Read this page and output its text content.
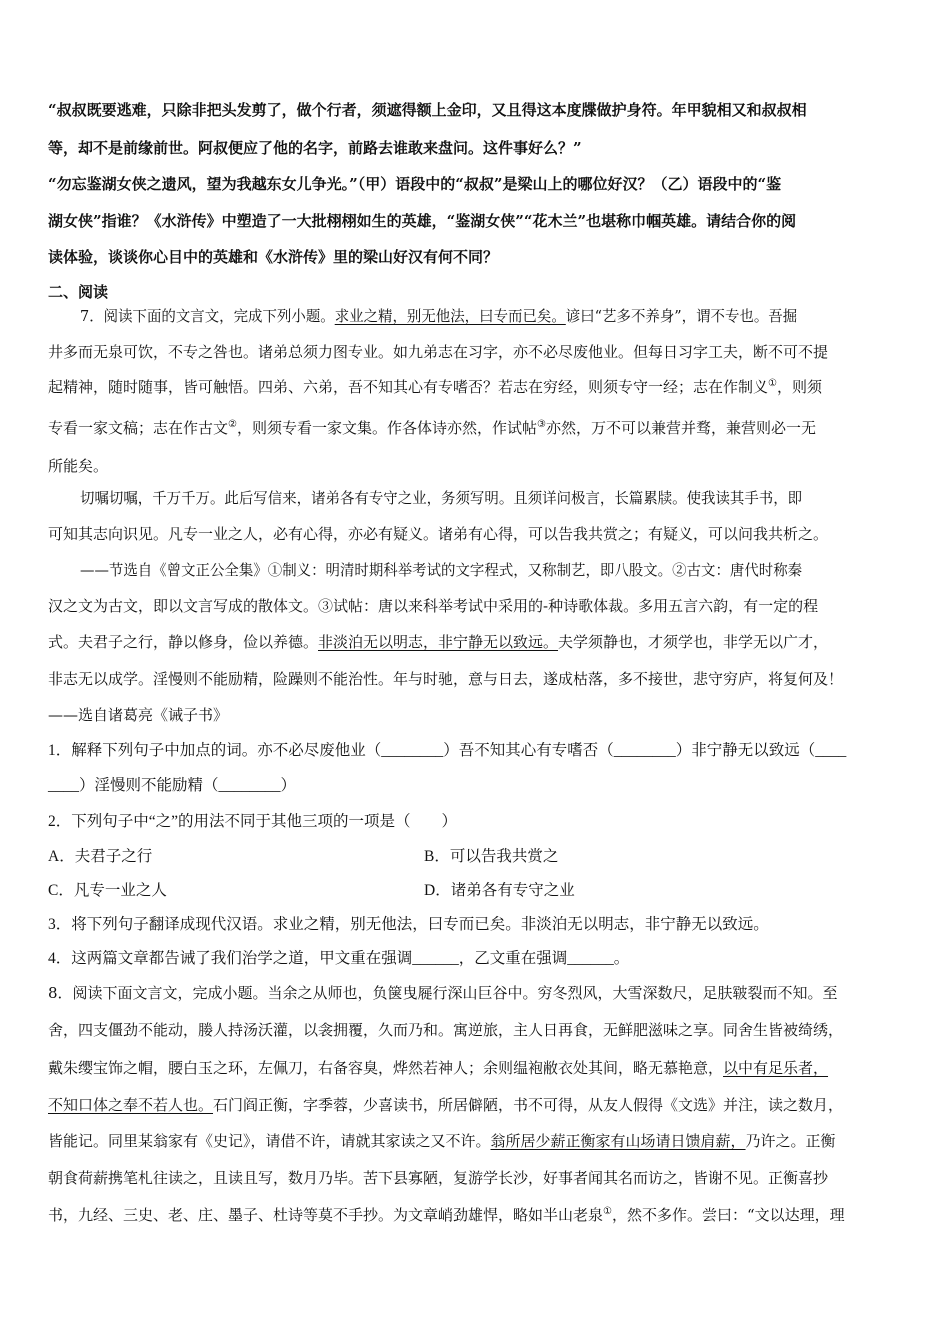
“叔叔既要逃难，只除非把头发剪了，做个行者，须遮得额上金印，又且得这本度牒做护身符。年甲貌相又和叔叔相
等，却不是前缘前世。阿叔便应了他的名字，前路去谁敢来盘问。这件事好么？”
“勿忘鉴湖女侠之遗风，望为我越东女儿争光。”（甲）语段中的“叔叔”是梁山上的哪位好汉？（乙）语段中的“鉴
湖女侠”指谁？《水浒传》中塑造了一大批栩栩如生的英雄，“鉴湖女侠”“花木兰”也堪称巾帼英雄。请结合你的阅
读体验，谈谈你心目中的英雄和《水浒传》里的梁山好汉有何不同？
二、阅读
7．阅读下面的文言文，完成下列小题。求业之精，别无他法，曰专而已矣。谚曰“艺多不养身”，谓不专也。吾掘
井多而无泉可饮，不专之咎也。诸弟总须力图专业。如九弟志在习字，亦不必尽废他业。但每日习字工夫，断不可不提
起精神，随时随事，皆可触悟。四弟、六弟，吾不知其心有专嗜否？若志在穷经，则须专守一经；志在作制义①，则须
专看一家文稿；志在作古文②，则须专看一家文集。作各体诗亦然，作试帖③亦然，万不可以兼营并骛，兼营则必一无
所能矣。
切嘱切嘱，千万千万。此后写信来，诸弟各有专守之业，务须写明。且须详问极言，长篇累牍。使我读其手书，即
可知其志向识见。凡专一业之人，必有心得，亦必有疑义。诸弟有心得，可以告我共赏之；有疑义，可以问我共析之。
——节选自《曾文正公全集》①制义：明清时期科举考试的文字程式，又称制艺，即八股文。②古文：唐代时称秦
汉之文为古文，即以文言写成的散体文。③试帖：唐以来科举考试中采用的-种诗歌体裁。多用五言六韵，有一定的程
式。夫君子之行，静以修身，俭以养德。非淡泊无以明志，非宁静无以致远。夫学须静也，才须学也，非学无以广才，
非志无以成学。淫慢则不能励精，险躁则不能治性。年与时驰，意与日去，遂成枯落，多不接世，悲守穷庐，将复何及！
——选自诸葛亮《诫子书》
1．解释下列句子中加点的词。亦不必尽废他业（________）吾不知其心有专嗜否（________）非宁静无以致远（____
____）淫慢则不能励精（________）
2．下列句子中“之”的用法不同于其他三项的一项是（　　）
A．夫君子之行	B．可以告我共赏之
C．凡专一业之人	D．诸弟各有专守之业
3．将下列句子翻译成现代汉语。求业之精，别无他法，曰专而已矣。非淡泊无以明志，非宁静无以致远。
4．这两篇文章都告诫了我们治学之道，甲文重在强调______，乙文重在强调______。
8．阅读下面文言文，完成小题。当余之从师也，负箧曳屣行深山巨谷中。穷冬烈风，大雪深数尺，足肤皲裂而不知。至
舍，四支僵劲不能动，媵人持汤沃灌，以衾拥覆，久而乃和。寓逆旅，主人日再食，无鲜肥滋味之享。同舍生皆被绮绣，
戴朱缨宝饰之帽，腰白玉之环，左佩刀，右备容臭，烨然若神人；余则缊袍敝衣处其间，略无慕艳意，以中有足乐者，
不知口体之奉不若人也。石门阎正衡，字季蓉，少喜读书，所居僻陋，书不可得，从友人假得《文选》并注，读之数月，
皆能记。同里某翁家有《史记》，请借不许，请就其家读之又不许。翁所居少薪正衡家有山场请日馈肩薪，乃许之。正衡
朝食荷薪携笔札往读之，且读且写，数月乃毕。苦下县寡陋，复游学长沙，好事者闻其名而访之，皆谢不见。正衡喜抄
书，九经、三史、老、庄、墨子、杜诗等莫不手抄。为文章峭劲雄悍，略如半山老泉①，然不多作。尝曰：“文以达理，理
